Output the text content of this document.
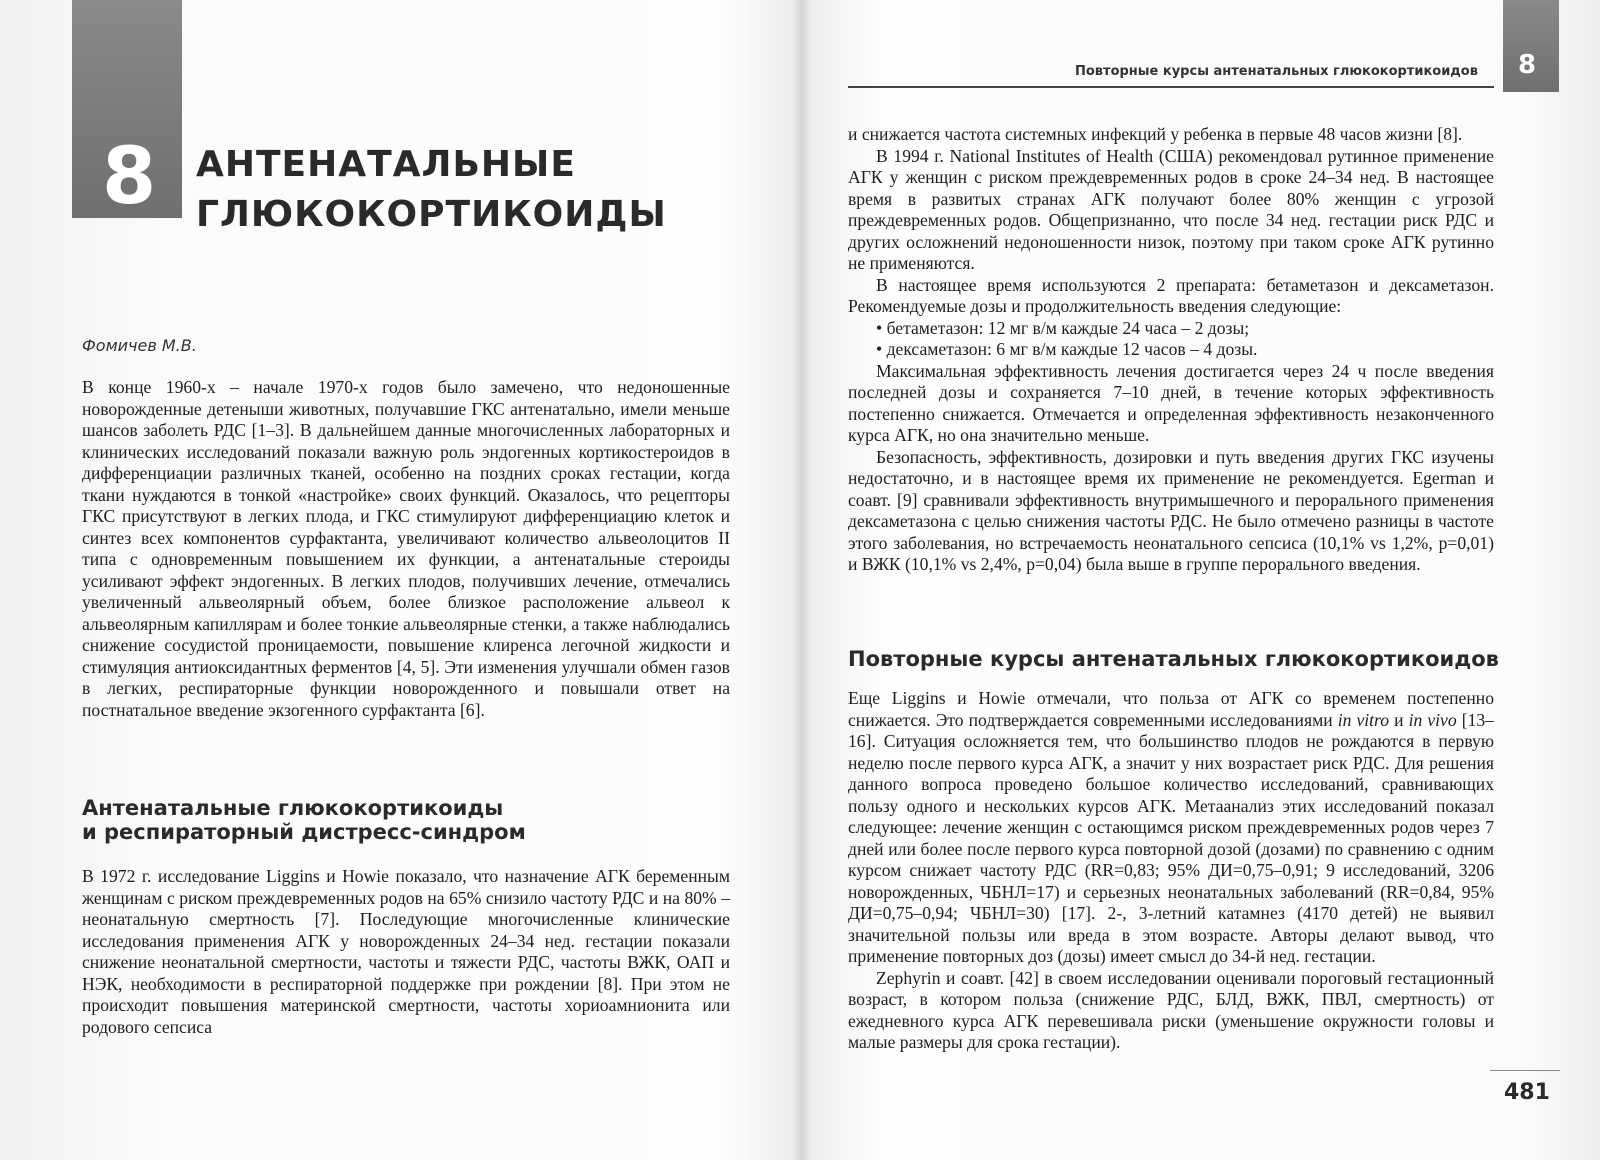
8 АНТЕНАТАЛЬНЫЕ
ГЛЮКОКОРТИКОИДЫ
Фомичев М.В.

В конце 1960-х – начале 1970-х годов было замечено, что недоношенные новорожденные детеныши животных, получавшие ГКС антенатально, имели меньше шансов заболеть РДС [1–3]. В дальнейшем данные многочисленных лабораторных и клинических исследований показали важную роль эндогенных кортикостероидов в дифференциации различных тканей, особенно на поздних сроках гестации, когда ткани нуждаются в тонкой «настройке» своих функций. Оказалось, что рецепторы ГКС присутствуют в легких плода, и ГКС стимулируют дифференциацию клеток и синтез всех компонентов сурфактанта, увеличивают количество альвеолоцитов II типа с одновременным повышением их функции, а антенатальные стероиды усиливают эффект эндогенных. В легких плодов, получивших лечение, отмечались увеличенный альвеолярный объем, более близкое расположение альвеол к альвеолярным капиллярам и более тонкие альвеолярные стенки, а также наблюдались снижение сосудистой проницаемости, повышение клиренса легочной жидкости и стимуляция антиоксидантных ферментов [4, 5]. Эти изменения улучшали обмен газов в легких, респираторные функции новорожденного и повышали ответ на постнатальное введение экзогенного сурфактанта [6].

Антенатальные глюкокортикоиды
и респираторный дистресс-синдром

В 1972 г. исследование Liggins и Howie показало, что назначение АГК беременным женщинам с риском преждевременных родов на 65% снизило частоту РДС и на 80% – неонатальную смертность [7]. Последующие многочисленные клинические исследования применения АГК у новорожденных 24–34 нед. гестации показали снижение неонатальной смертности, частоты и тяжести РДС, частоты ВЖК, ОАП и НЭК, необходимости в респираторной поддержке при рождении [8]. При этом не происходит повышения материнской смертности, частоты хориоамнионита или родового сепсиса

Повторные курсы антенатальных глюкокортикоидов 8

и снижается частота системных инфекций у ребенка в первые 48 часов жизни [8].

В 1994 г. National Institutes of Health (США) рекомендовал рутинное применение АГК у женщин с риском преждевременных родов в сроке 24–34 нед. В настоящее время в развитых странах АГК получают более 80% женщин с угрозой преждевременных родов. Общепризнанно, что после 34 нед. гестации риск РДС и других осложнений недоношенности низок, поэтому при таком сроке АГК рутинно не применяются.

В настоящее время используются 2 препарата: бетаметазон и дексаметазон. Рекомендуемые дозы и продолжительность введения следующие:

• бетаметазон: 12 мг в/м каждые 24 часа – 2 дозы;
• дексаметазон: 6 мг в/м каждые 12 часов – 4 дозы.

Максимальная эффективность лечения достигается через 24 ч после введения последней дозы и сохраняется 7–10 дней, в течение которых эффективность постепенно снижается. Отмечается и определенная эффективность незаконченного курса АГК, но она значительно меньше.

Безопасность, эффективность, дозировки и путь введения других ГКС изучены недостаточно, и в настоящее время их применение не рекомендуется. Egerman и соавт. [9] сравнивали эффективность внутримышечного и перорального применения дексаметазона с целью снижения частоты РДС. Не было отмечено разницы в частоте этого заболевания, но встречаемость неонатального сепсиса (10,1% vs 1,2%, p=0,01) и ВЖК (10,1% vs 2,4%, p=0,04) была выше в группе перорального введения.

Повторные курсы антенатальных глюкокортикоидов

Еще Liggins и Howie отмечали, что польза от АГК со временем постепенно снижается. Это подтверждается современными исследованиями in vitro и in vivo [13–16]. Ситуация осложняется тем, что большинство плодов не рождаются в первую неделю после первого курса АГК, а значит у них возрастает риск РДС. Для решения данного вопроса проведено большое количество исследований, сравнивающих пользу одного и нескольких курсов АГК. Метаанализ этих исследований показал следующее: лечение женщин с остающимся риском преждевременных родов через 7 дней или более после первого курса повторной дозой (дозами) по сравнению с одним курсом снижает частоту РДС (RR=0,83; 95% ДИ=0,75–0,91; 9 исследований, 3206 новорожденных, ЧБНЛ=17) и серьезных неонатальных заболеваний (RR=0,84, 95% ДИ=0,75–0,94; ЧБНЛ=30) [17]. 2-, 3-летний катамнез (4170 детей) не выявил значительной пользы или вреда в этом возрасте. Авторы делают вывод, что применение повторных доз (дозы) имеет смысл до 34-й нед. гестации.

Zephyrin и соавт. [42] в своем исследовании оценивали пороговый гестационный возраст, в котором польза (снижение РДС, БЛД, ВЖК, ПВЛ, смертность) от ежедневного курса АГК перевешивала риски (уменьшение окружности головы и малые размеры для срока гестации).

481
